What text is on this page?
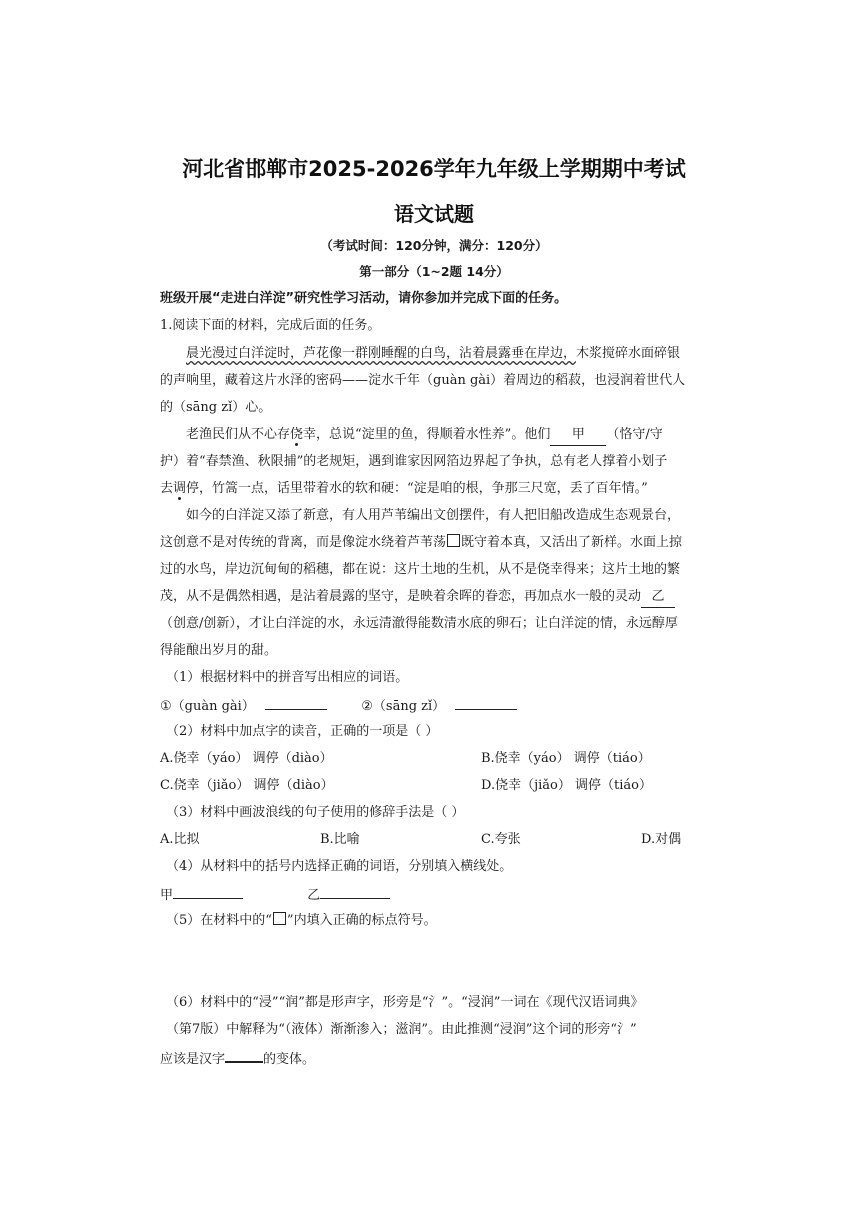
河北省邯郸市2025-2026学年九年级上学期期中考试
语文试题
（考试时间：120分钟，满分：120分）
第一部分（1~2题 14分）
班级开展“走进白洋淀”研究性学习活动，请你参加并完成下面的任务。
1.阅读下面的材料，完成后面的任务。
晨光漫过白洋淀时，芦花像一群刚睡醒的白鸟，沾着晨露垂在岸边，木浆搅碎水面碎银
的声响里，藏着这片水泽的密码——淀水千年（guàn gài）着周边的稻菽，也浸润着世代人
的（sāng zǐ）心。
老渔民们从不心存侥幸，总说“淀里的鱼，得顺着水性养”。他们 甲 （恪守/守
护）着“春禁渔、秋限捕”的老规矩，遇到谁家因网箔边界起了争执，总有老人撑着小划子
去调停，竹篙一点，话里带着水的软和硬：“淀是咱的根，争那三尺宽，丢了百年情。”
如今的白洋淀又添了新意，有人用芦苇编出文创摆件，有人把旧船改造成生态观景台，
这创意不是对传统的背离，而是像淀水绕着芦苇荡 既守着本真，又活出了新样。水面上掠
过的水鸟，岸边沉甸甸的稻穗，都在说：这片土地的生机，从不是侥幸得来；这片土地的繁
茂，从不是偶然相遇，是沾着晨露的坚守，是映着余晖的眷恋，再加点水一般的灵动 乙
（创意/创新），才让白洋淀的水，永远清澈得能数清水底的卵石；让白洋淀的情，永远醇厚
得能酿出岁月的甜。
（1）根据材料中的拼音写出相应的词语。
①（guàn gài）	②（sāng zǐ）
（2）材料中加点字的读音，正确的一项是（ ）
A.侥幸（yáo） 调停（diào）	B.侥幸（yáo） 调停（tiáo）
C.侥幸（jiǎo） 调停（diào）	D.侥幸（jiǎo） 调停（tiáo）
（3）材料中画波浪线的句子使用的修辞手法是（ ）
A.比拟	B.比喻	C.夸张	D.对偶
（4）从材料中的括号内选择正确的词语，分别填入横线处。
甲	乙
（5）在材料中的“ ”内填入正确的标点符号。
（6）材料中的“浸”“润”都是形声字，形旁是“氵”。“浸润”一词在《现代汉语词典》
（第7版）中解释为“（液体）渐渐渗入；滋润”。由此推测“浸润”这个词的形旁“氵”
应该是汉字	的变体。
